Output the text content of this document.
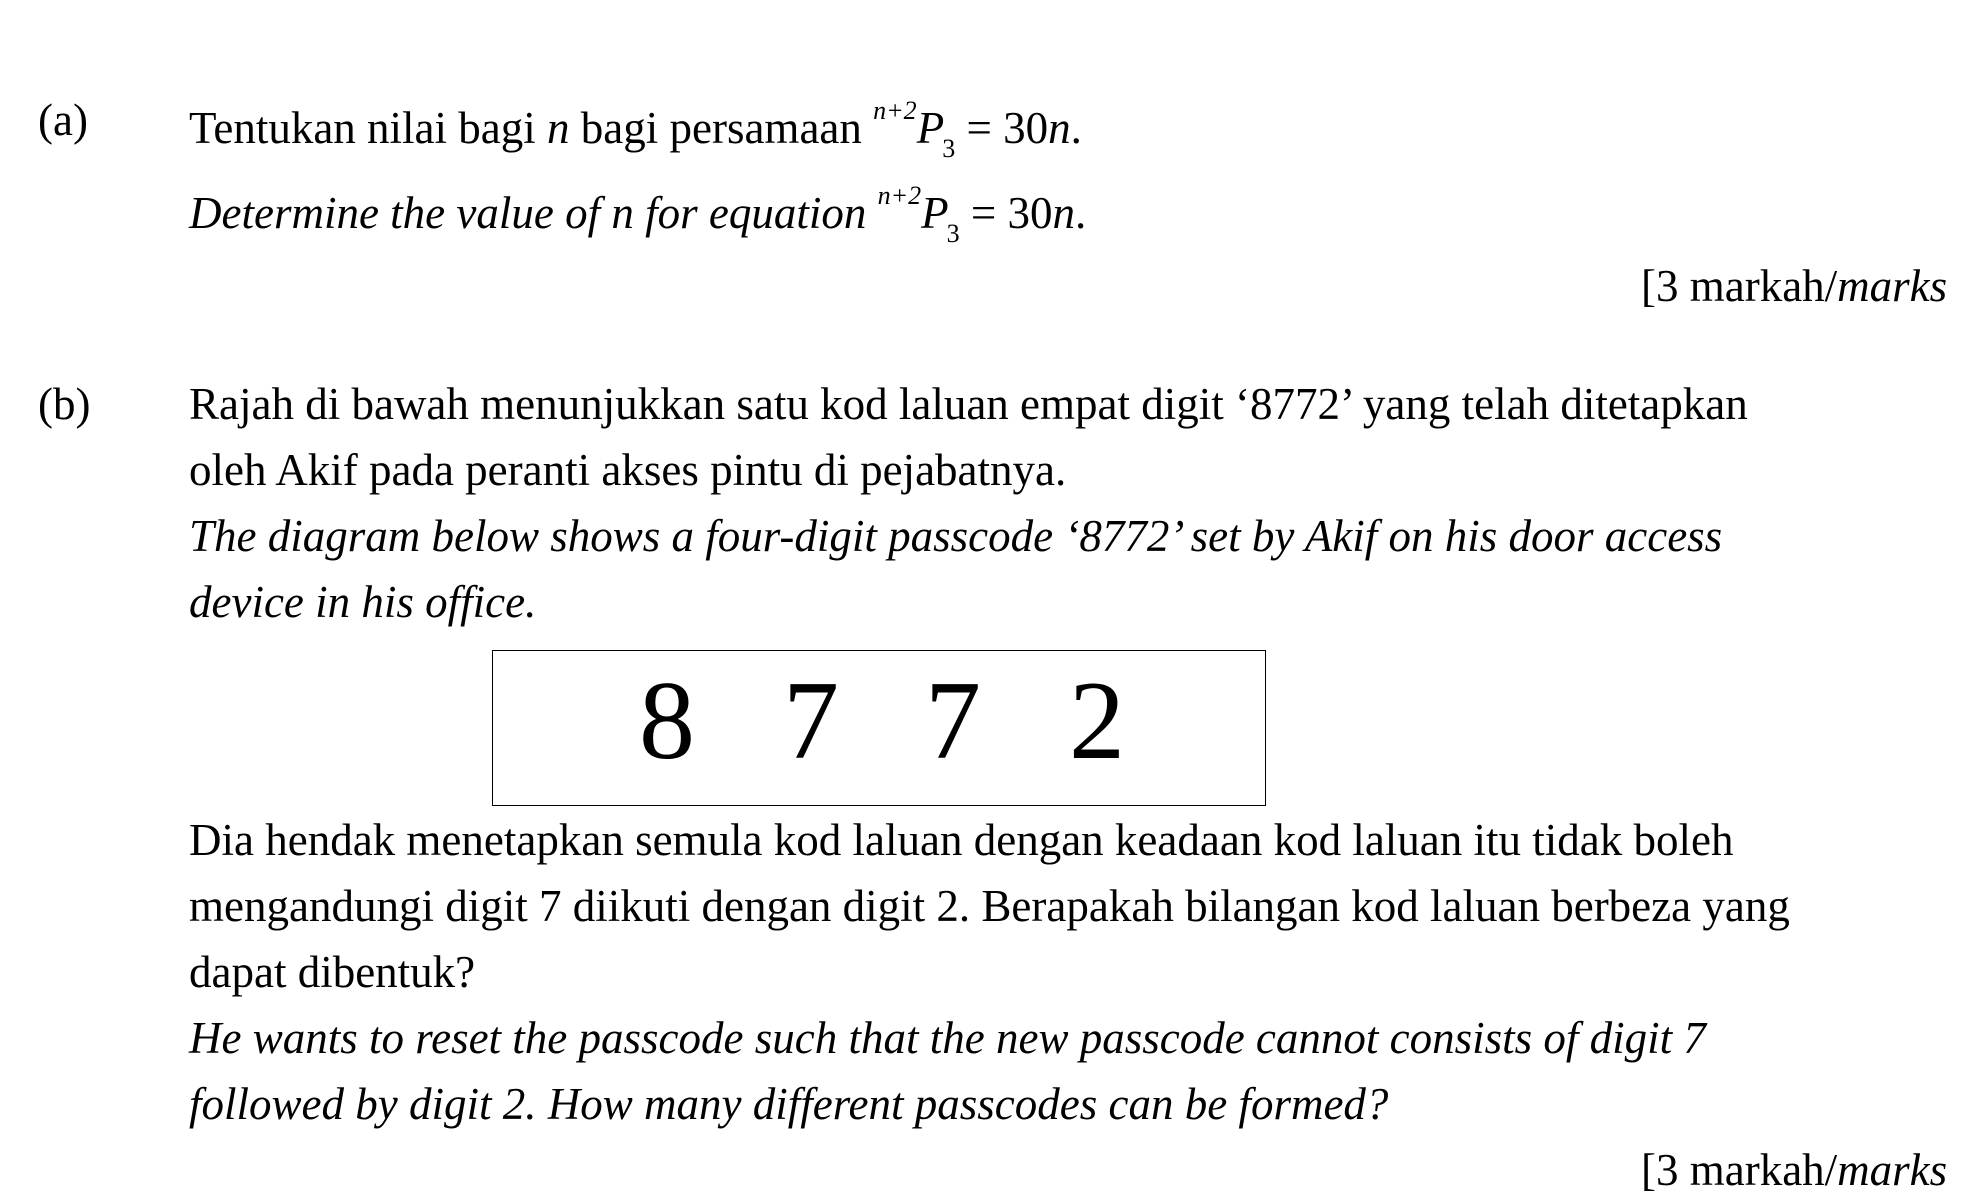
(a) Tentukan nilai bagi n bagi persamaan $^{n+2}P_3 = 30n$.
Determine the value of n for equation $^{n+2}P_3 = 30n$.
[3 markah/marks
(b) Rajah di bawah menunjukkan satu kod laluan empat digit ‘8772’ yang telah ditetapkan
oleh Akif pada peranti akses pintu di pejabatnya.
The diagram below shows a four-digit passcode ‘8772’ set by Akif on his door access
device in his office.
8 7 7 2
Dia hendak menetapkan semula kod laluan dengan keadaan kod laluan itu tidak boleh
mengandungi digit 7 diikuti dengan digit 2. Berapakah bilangan kod laluan berbeza yang
dapat dibentuk?
He wants to reset the passcode such that the new passcode cannot consists of digit 7
followed by digit 2. How many different passcodes can be formed?
[3 markah/marks
